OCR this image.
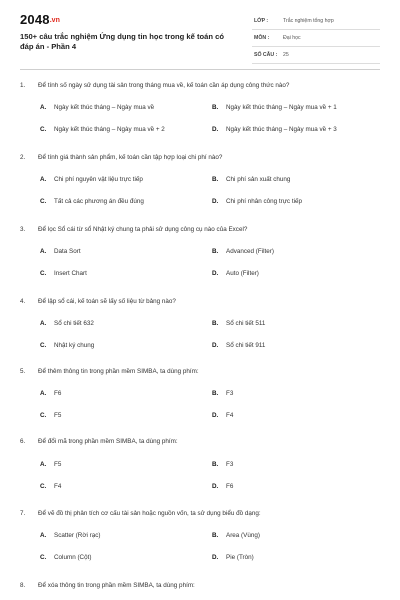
2048.vn
150+ câu trắc nghiệm Ứng dụng tin học trong kế toán có đáp án - Phần 4
LỚP :	Trắc nghiệm tổng hợp
MÔN :	Đại học
SỐ CÂU : 25
1. Để tính số ngày sử dụng tài sản trong tháng mua về, kế toán cần áp dụng công thức nào?
A. Ngày kết thúc tháng – Ngày mua về	B. Ngày kết thúc tháng – Ngày mua về + 1
C. Ngày kết thúc tháng – Ngày mua về + 2	D. Ngày kết thúc tháng – Ngày mua về + 3
2. Để tính giá thành sản phẩm, kế toán cần tập hợp loại chi phí nào?
A. Chi phí nguyên vật liệu trực tiếp	B. Chi phí sản xuất chung
C. Tất cả các phương án đều đúng	D. Chi phí nhân công trực tiếp
3. Để lọc Sổ cái từ sổ Nhật ký chung ta phải sử dụng công cụ nào của Excel?
A. Data Sort	B. Advanced (Filter)
C. Insert Chart	D. Auto (Filter)
4. Để lập sổ cái, kế toán sẽ lấy số liệu từ bảng nào?
A. Sổ chi tiết 632	B. Sổ chi tiết 511
C. Nhật ký chung	D. Sổ chi tiết 911
5. Để thêm thông tin trong phần mềm SIMBA, ta dùng phím:
A. F6	B. F3
C. F5	D. F4
6. Để đổi mã trong phần mềm SIMBA, ta dùng phím:
A. F5	B. F3
C. F4	D. F6
7. Để vẽ đồ thị phân tích cơ cấu tài sản hoặc nguồn vốn, ta sử dụng biểu đồ dạng:
A. Scatter (Rời rạc)	B. Area (Vùng)
C. Column (Cột)	D. Pie (Tròn)
8. Để xóa thông tin trong phần mềm SIMBA, ta dùng phím:
